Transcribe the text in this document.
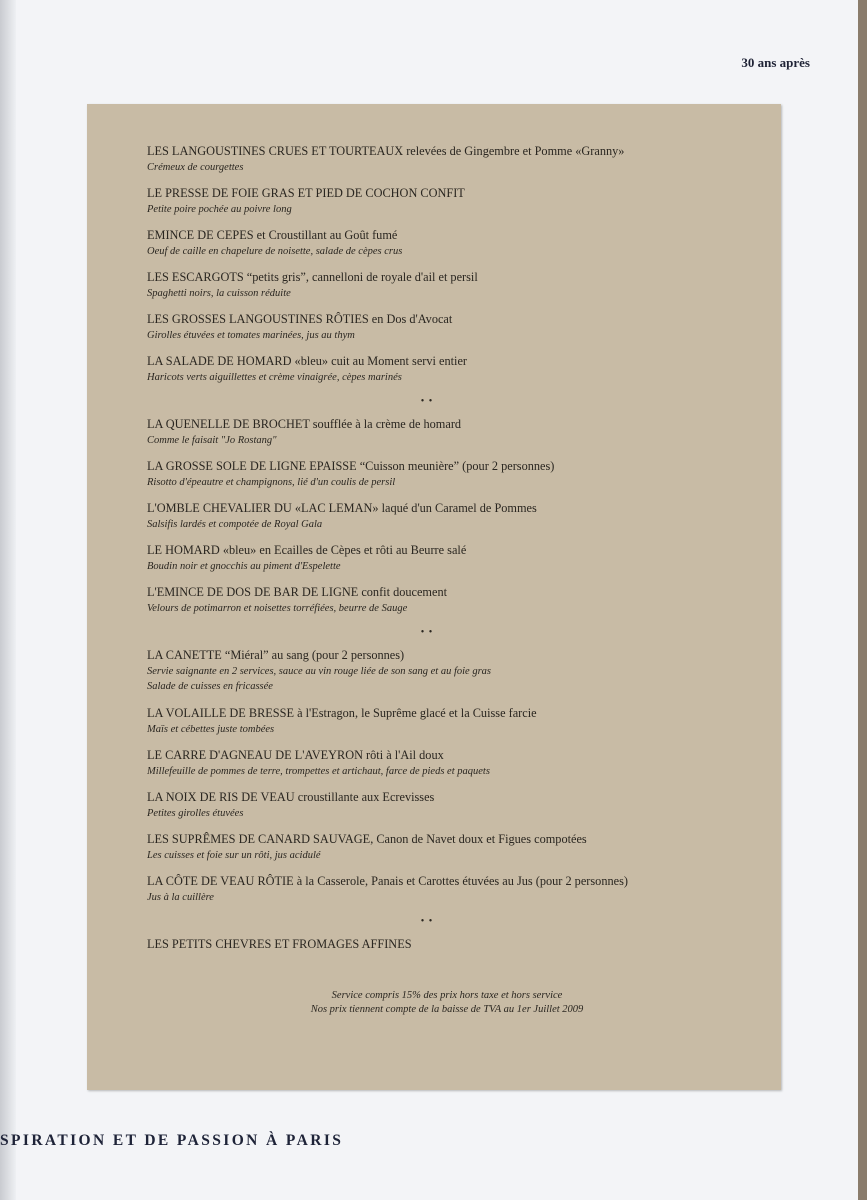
30 ans après
LES LANGOUSTINES CRUES ET TOURTEAUX relevées de Gingembre et Pomme «Granny»
Crémeux de courgettes
LE PRESSE DE FOIE GRAS ET PIED DE COCHON CONFIT
Petite poire pochée au poivre long
EMINCE DE CEPES et Croustillant au Goût fumé
Oeuf de caille en chapelure de noisette, salade de cèpes crus
LES ESCARGOTS “petits gris”, cannelloni de royale d'ail et persil
Spaghetti noirs, la cuisson réduite
LES GROSSES LANGOUSTINES RÔTIES en Dos d'Avocat
Girolles étuvées et tomates marinées, jus au thym
LA SALADE DE HOMARD «bleu» cuit au Moment servi entier
Haricots verts aiguillettes et crème vinaigrée, cèpes marinés
• •
LA QUENELLE DE BROCHET soufflée à la crème de homard
Comme le faisait "Jo Rostang"
LA GROSSE SOLE DE LIGNE EPAISSE “Cuisson meunière” (pour 2 personnes)
Risotto d'épeautre et champignons, lié d'un coulis de persil
L'OMBLE CHEVALIER DU «LAC LEMAN» laqué d'un Caramel de Pommes
Salsifis lardés et compotée de Royal Gala
LE HOMARD «bleu» en Ecailles de Cèpes et rôti au Beurre salé
Boudin noir et gnocchis au piment d'Espelette
L'EMINCE DE DOS DE BAR DE LIGNE confit doucement
Velours de potimarron et noisettes torréfiées, beurre de Sauge
• •
LA CANETTE “Miéral” au sang (pour 2 personnes)
Servie saignante en 2 services, sauce au vin rouge liée de son sang et au foie gras
Salade de cuisses en fricassée
LA VOLAILLE DE BRESSE à l'Estragon, le Suprême glacé et la Cuisse farcie
Maïs et cébettes juste tombées
LE CARRE D'AGNEAU DE L'AVEYRON rôti à l'Ail doux
Millefeuille de pommes de terre, trompettes et artichaut, farce de pieds et paquets
LA NOIX DE RIS DE VEAU croustillante aux Ecrevisses
Petites girolles étuvées
LES SUPRÊMES DE CANARD SAUVAGE, Canon de Navet doux et Figues compotées
Les cuisses et foie sur un rôti, jus acidulé
LA CÔTE DE VEAU RÔTIE à la Casserole, Panais et Carottes étuvées au Jus (pour 2 personnes)
Jus à la cuillère
• •
LES PETITS CHEVRES ET FROMAGES AFFINES
Service compris 15% des prix hors taxe et hors service
Nos prix tiennent compte de la baisse de TVA au 1er Juillet 2009
SPIRATION ET DE PASSION À PARIS
